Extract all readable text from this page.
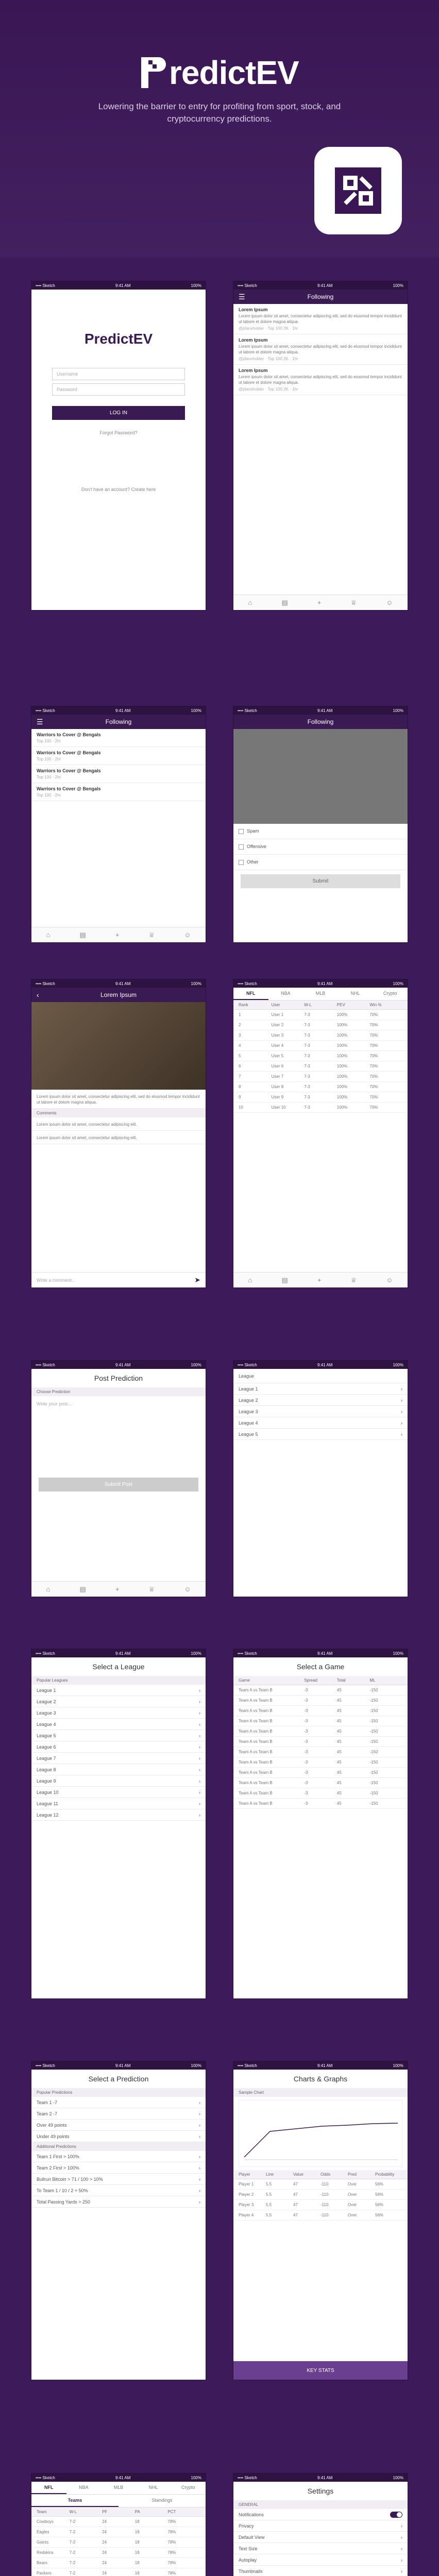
redictEV
Lowering the barrier to entry for profiting from sport, stock, and cryptocurrency predictions.
•••• Sketch	9:41 AM	100%
PredictEV
Username
Password
LOG IN
Forgot Password?
Don't have an account? Create here
•••• Sketch	9:41 AM	100%
☰	Following
Lorem Ipsum
Lorem ipsum dolor sit amet, consectetur adipiscing elit, sed do eiusmod tempor incididunt ut labore et dolore magna aliqua.
@placeholder · Top 100 2K · 1hr
Lorem Ipsum
Lorem ipsum dolor sit amet, consectetur adipiscing elit, sed do eiusmod tempor incididunt ut labore et dolore magna aliqua.
@placeholder · Top 100 2K · 1hr
Lorem Ipsum
Lorem ipsum dolor sit amet, consectetur adipiscing elit, sed do eiusmod tempor incididunt ut labore et dolore magna aliqua.
@placeholder · Top 100 2K · 1hr
⌂	▤	+	♕	☺
•••• Sketch	9:41 AM	100%
☰	Following
Warriors to Cover @ Bengals
Top 100 · 2hr
Warriors to Cover @ Bengals
Top 100 · 2hr
Warriors to Cover @ Bengals
Top 100 · 2hr
Warriors to Cover @ Bengals
Top 100 · 2hr
⌂	▤	+	♕	☺
•••• Sketch	9:41 AM	100%
Following
Spam
Offensive
Other
Submit
•••• Sketch	9:41 AM	100%
‹	Lorem Ipsum
Lorem ipsum dolor sit amet, consectetur adipiscing elit, sed do eiusmod tempor incididunt ut labore et dolore magna aliqua.
Comments
Lorem ipsum dolor sit amet, consectetur adipiscing elit.
Lorem ipsum dolor sit amet, consectetur adipiscing elit.
Write a comment...	➤
•••• Sketch	9:41 AM	100%
NFL	NBA	MLB	NHL	Crypto
Rank	User	W-L	PEV	Win %
1	User 1	7-3	100%	70%
2	User 2	7-3	100%	70%
3	User 3	7-3	100%	70%
4	User 4	7-3	100%	70%
5	User 5	7-3	100%	70%
6	User 6	7-3	100%	70%
7	User 7	7-3	100%	70%
8	User 8	7-3	100%	70%
9	User 9	7-3	100%	70%
10	User 10	7-3	100%	70%
⌂	▤	+	♕	☺
•••• Sketch	9:41 AM	100%
Post Prediction
Choose Prediction
Write your post...
Submit Post
⌂	▤	+	♕	☺
•••• Sketch	9:41 AM	100%
League
League 1	›
League 2	›
League 3	›
League 4	›
League 5	›
•••• Sketch	9:41 AM	100%
Select a League
Popular Leagues
League 1	›
League 2	›
League 3	›
League 4	›
League 5	›
League 6	›
League 7	›
League 8	›
League 9	›
League 10	›
League 11	›
League 12	›
•••• Sketch	9:41 AM	100%
Select a Game
Game	Spread	Total	ML
Team A vs Team B	-3	45	-150
Team A vs Team B	-3	45	-150
Team A vs Team B	-3	45	-150
Team A vs Team B	-3	45	-150
Team A vs Team B	-3	45	-150
Team A vs Team B	-3	45	-150
Team A vs Team B	-3	45	-150
Team A vs Team B	-3	45	-150
Team A vs Team B	-3	45	-150
Team A vs Team B	-3	45	-150
Team A vs Team B	-3	45	-150
Team A vs Team B	-3	45	-150
•••• Sketch	9:41 AM	100%
Select a Prediction
Popular Predictions
Team 1 -7	›
Team 2 -7	›
Over 49 points	›
Under 49 points	›
Additional Predictions
Team 1 First > 100%	›
Team 2 First > 100%	›
Bullrun Bitcoin > 71 / 100 > 10%	›
To Team 1 / 10 / 2 + 50%	›
Total Passing Yards > 250	›
•••• Sketch	9:41 AM	100%
Charts & Graphs
Sample Chart
Player	Line	Value	Odds	Pred	Probability
Player 1	5.5	47	-110	Over	56%
Player 2	5.5	47	-110	Over	56%
Player 3	5.5	47	-110	Over	56%
Player 4	5.5	47	-110	Over	56%
KEY STATS
•••• Sketch	9:41 AM	100%
NFL	NBA	MLB	NHL	Crypto
Teams	Standings
Team	W-L	PF	PA	PCT
Cowboys	7-2	24	18	78%
Eagles	7-2	24	18	78%
Giants	7-2	24	18	78%
Redskins	7-2	24	18	78%
Bears	7-2	24	18	78%
Packers	7-2	24	18	78%
•••• Sketch	9:41 AM	100%
Settings
GENERAL
Notifications
Privacy	›
Default View	›
Text Size	›
Autoplay	›
Thumbnails	›
